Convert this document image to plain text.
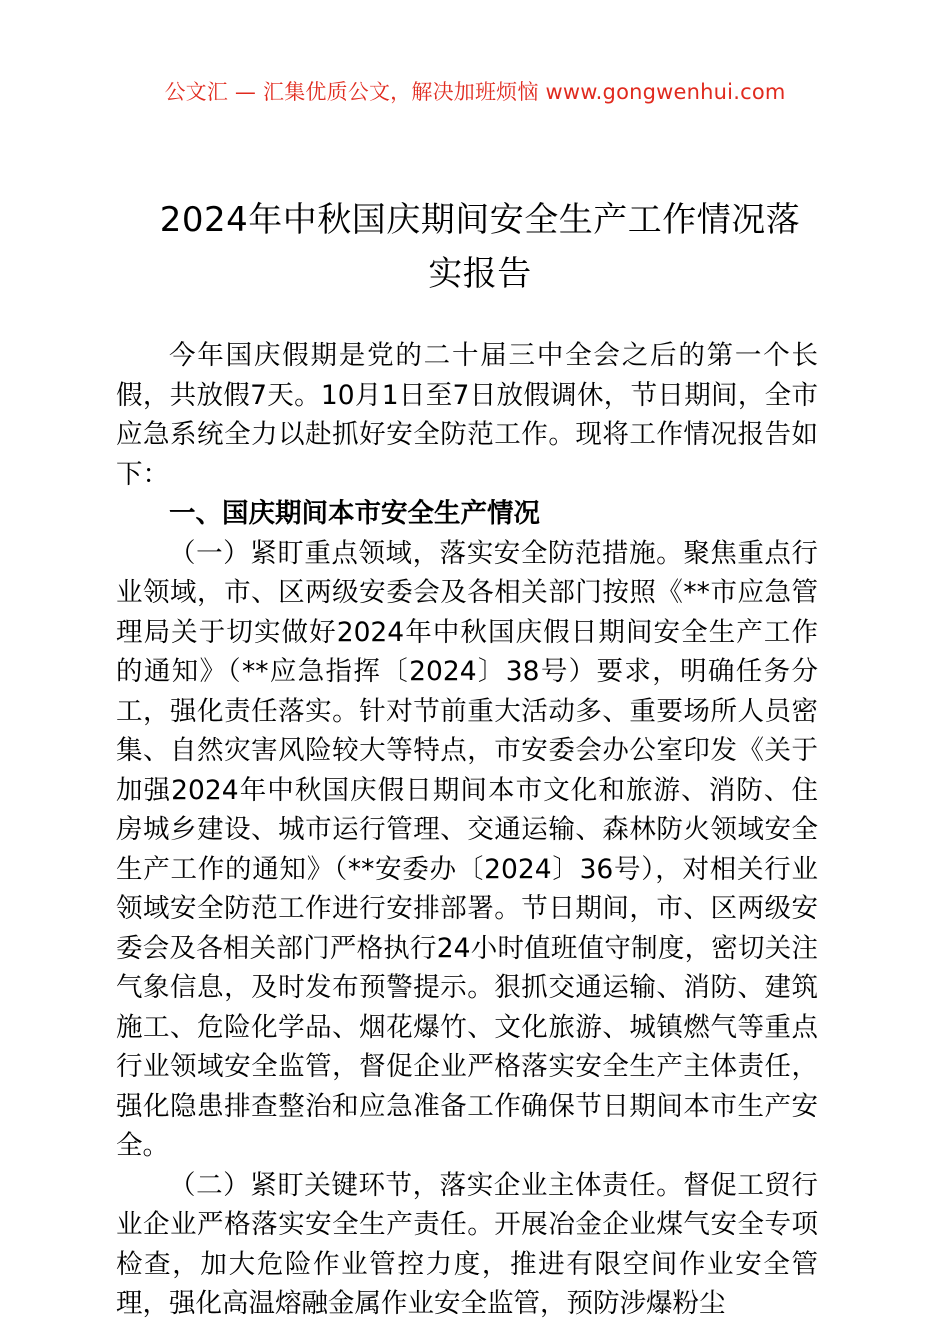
公文汇 — 汇集优质公文，解决加班烦恼 www.gongwenhui.com
2024年中秋国庆期间安全生产工作情况落实报告

今年国庆假期是党的二十届三中全会之后的第一个长假，共放假7天。10月1日至7日放假调休，节日期间，全市应急系统全力以赴抓好安全防范工作。现将工作情况报告如下：

一、国庆期间本市安全生产情况

（一）紧盯重点领域，落实安全防范措施。聚焦重点行业领域，市、区两级安委会及各相关部门按照《**市应急管理局关于切实做好2024年中秋国庆假日期间安全生产工作的通知》（**应急指挥〔2024〕38号）要求，明确任务分工，强化责任落实。针对节前重大活动多、重要场所人员密集、自然灾害风险较大等特点，市安委会办公室印发《关于加强2024年中秋国庆假日期间本市文化和旅游、消防、住房城乡建设、城市运行管理、交通运输、森林防火领域安全生产工作的通知》（**安委办〔2024〕36号），对相关行业领域安全防范工作进行安排部署。节日期间，市、区两级安委会及各相关部门严格执行24小时值班值守制度，密切关注气象信息，及时发布预警提示。狠抓交通运输、消防、建筑施工、危险化学品、烟花爆竹、文化旅游、城镇燃气等重点行业领域安全监管，督促企业严格落实安全生产主体责任，强化隐患排查整治和应急准备工作确保节日期间本市生产安全。

（二）紧盯关键环节，落实企业主体责任。督促工贸行业企业严格落实安全生产责任。开展冶金企业煤气安全专项检查，加大危险作业管控力度，推进有限空间作业安全管理，强化高温熔融金属作业安全监管，预防涉爆粉尘
